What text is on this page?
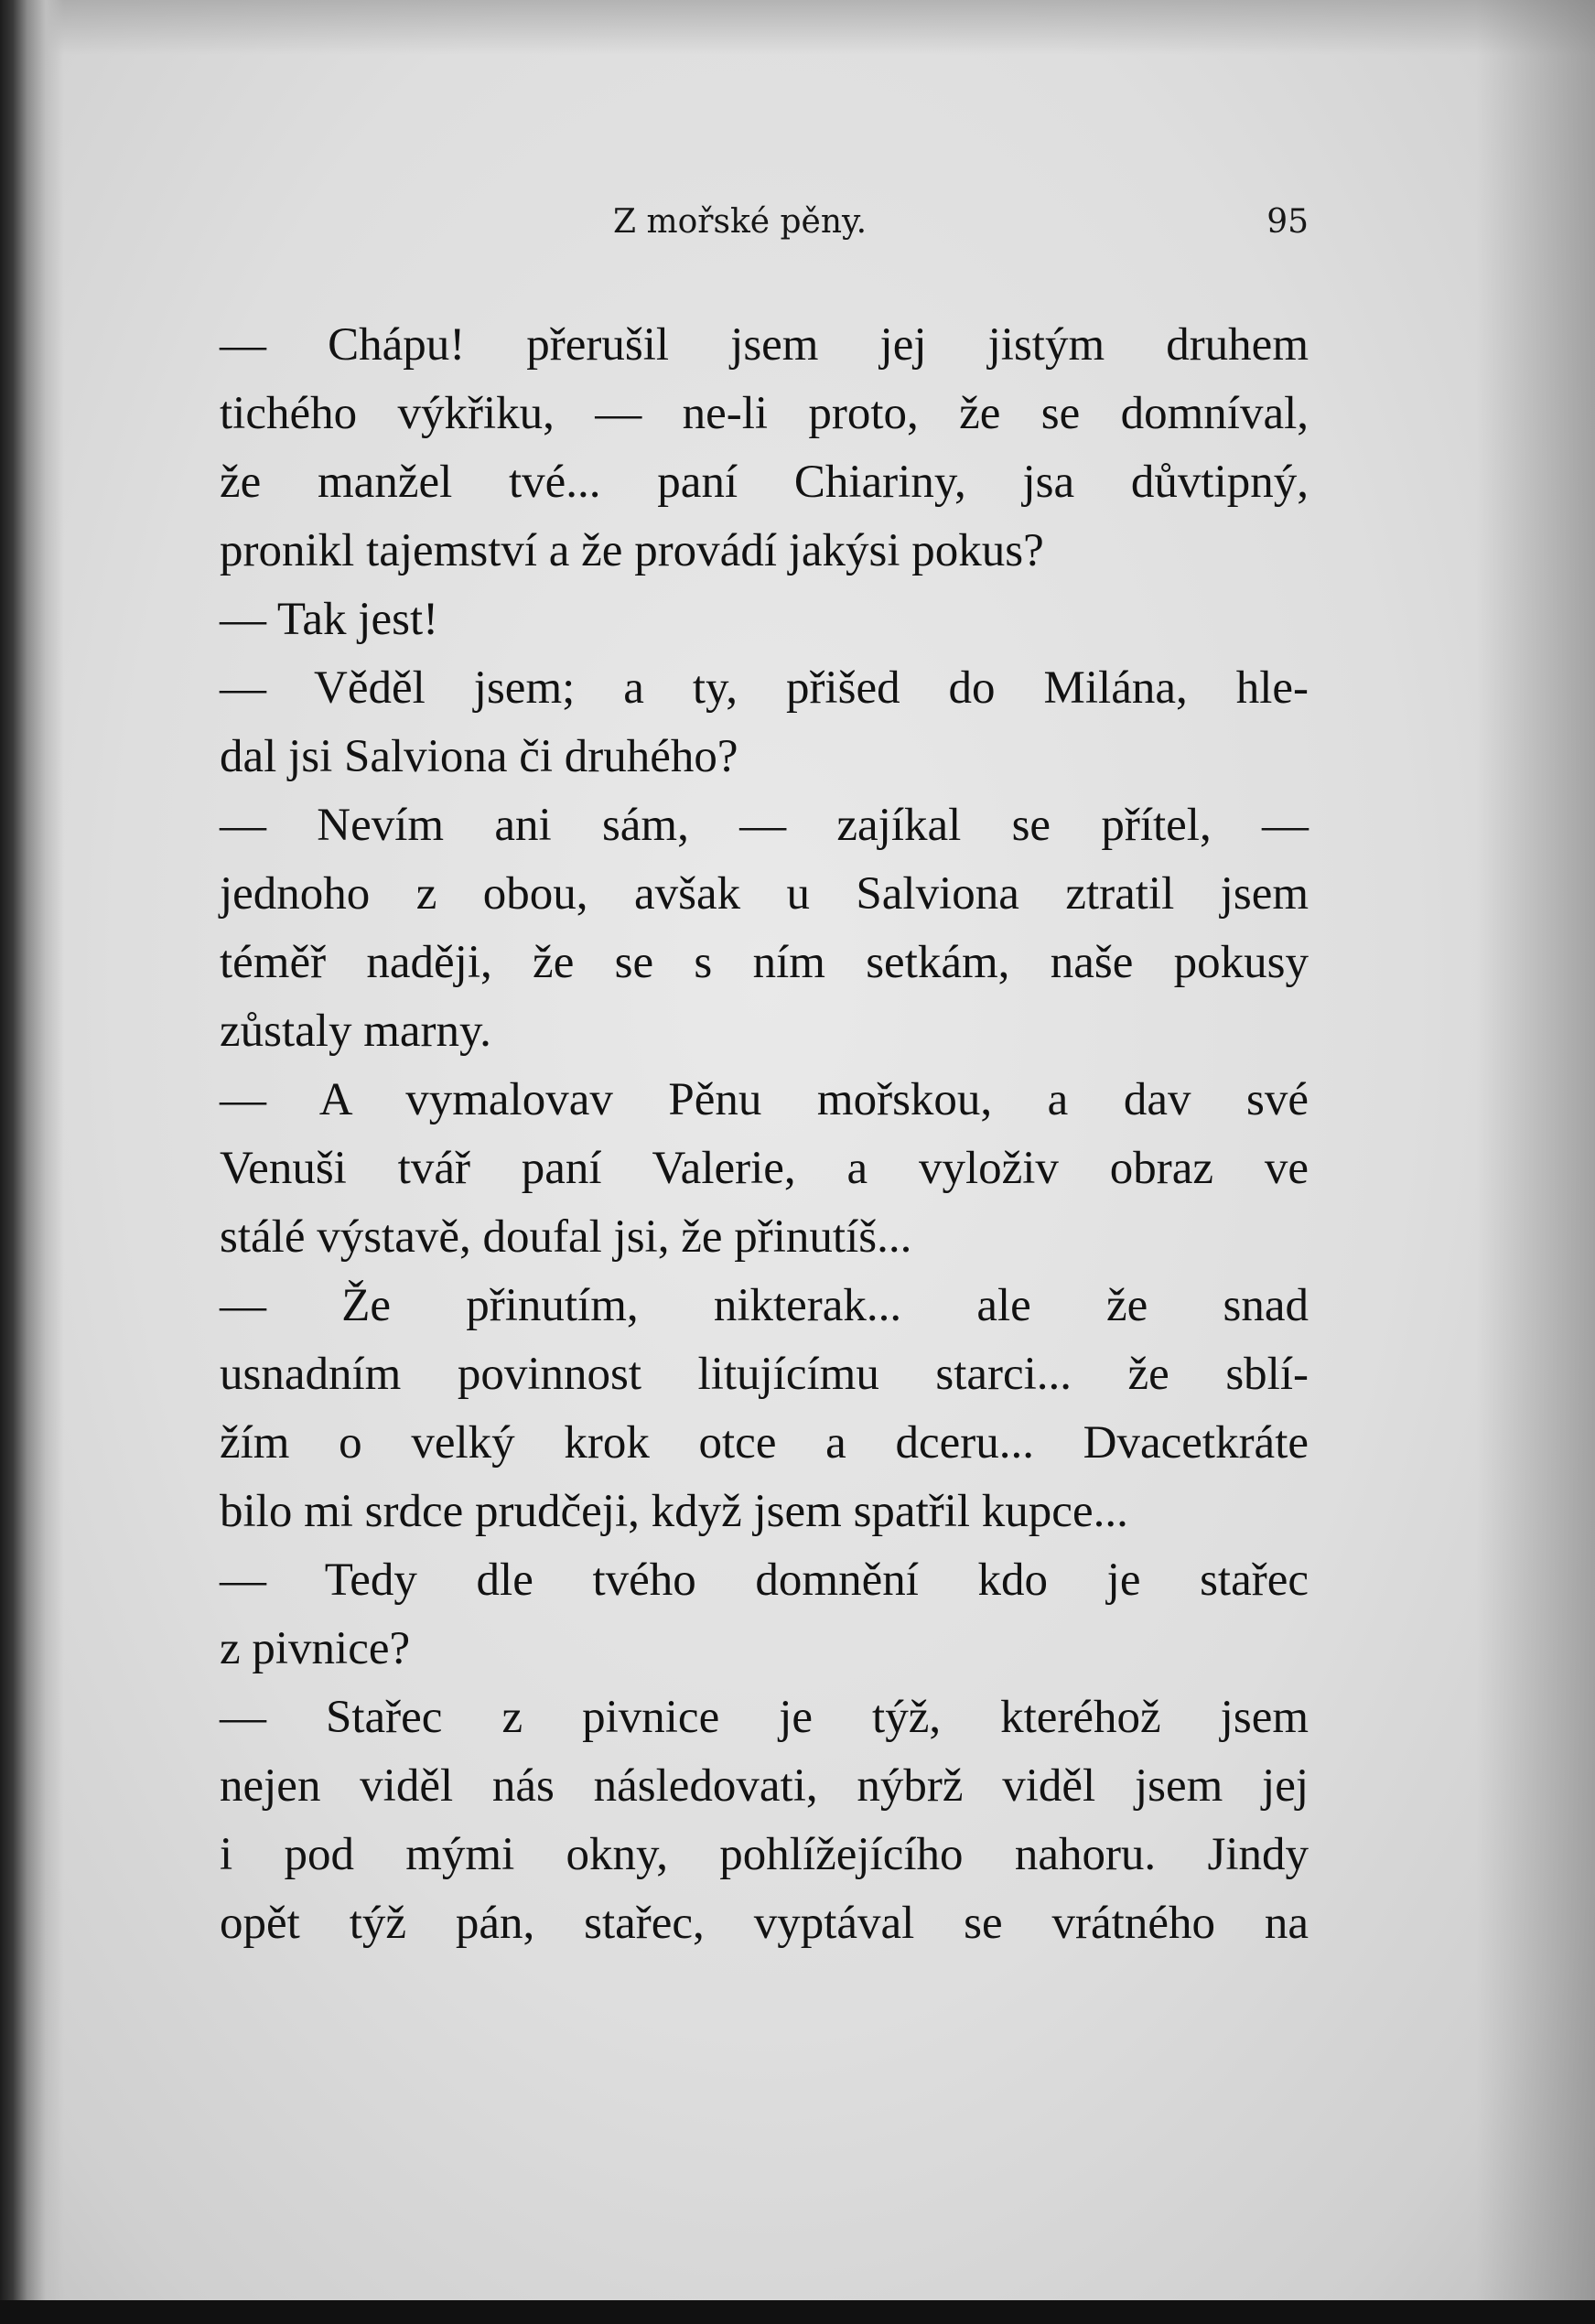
Z mořské pěny.	95
— Chápu! přerušil jsem jej jistým druhem
tichého výkřiku, — ne-li proto, že se domníval,
že manžel tvé... paní Chiariny, jsa důvtipný,
pronikl tajemství a že provádí jakýsi pokus?
— Tak jest!
— Věděl jsem; a ty, přišed do Milána, hle-
dal jsi Salviona či druhého?
— Nevím ani sám, — zajíkal se přítel, —
jednoho z obou, avšak u Salviona ztratil jsem
téměř naději, že se s ním setkám, naše pokusy
zůstaly marny.
— A vymalovav Pěnu mořskou, a dav své
Venuši tvář paní Valerie, a vyloživ obraz ve
stálé výstavě, doufal jsi, že přinutíš...
— Že přinutím, nikterak... ale že snad
usnadním povinnost litujícímu starci... že sblí-
žím o velký krok otce a dceru... Dvacetkráte
bilo mi srdce prudčeji, když jsem spatřil kupce...
— Tedy dle tvého domnění kdo je stařec
z pivnice?
— Stařec z pivnice je týž, kteréhož jsem
nejen viděl nás následovati, nýbrž viděl jsem jej
i pod mými okny, pohlížejícího nahoru. Jindy
opět týž pán, stařec, vyptával se vrátného na
